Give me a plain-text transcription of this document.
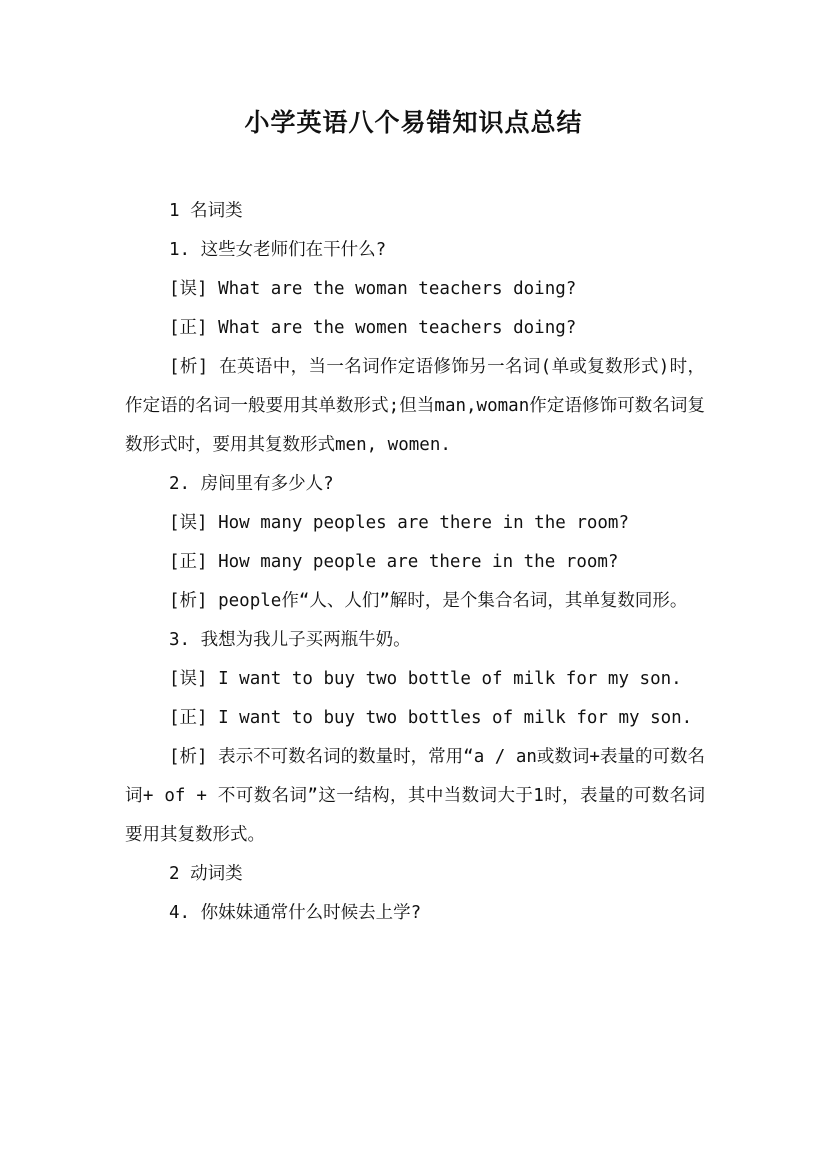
小学英语八个易错知识点总结

1 名词类

1. 这些女老师们在干什么?

[误] What are the woman teachers doing?

[正] What are the women teachers doing?

[析] 在英语中，当一名词作定语修饰另一名词(单或复数形式)时，作定语的名词一般要用其单数形式;但当man,woman作定语修饰可数名词复数形式时，要用其复数形式men, women.

2. 房间里有多少人?

[误] How many peoples are there in the room?

[正] How many people are there in the room?

[析] people作“人、人们”解时，是个集合名词，其单复数同形。

3. 我想为我儿子买两瓶牛奶。

[误] I want to buy two bottle of milk for my son.

[正] I want to buy two bottles of milk for my son.

[析] 表示不可数名词的数量时，常用“a / an或数词+表量的可数名词+ of + 不可数名词”这一结构，其中当数词大于1时，表量的可数名词要用其复数形式。

2 动词类

4. 你妹妹通常什么时候去上学?
